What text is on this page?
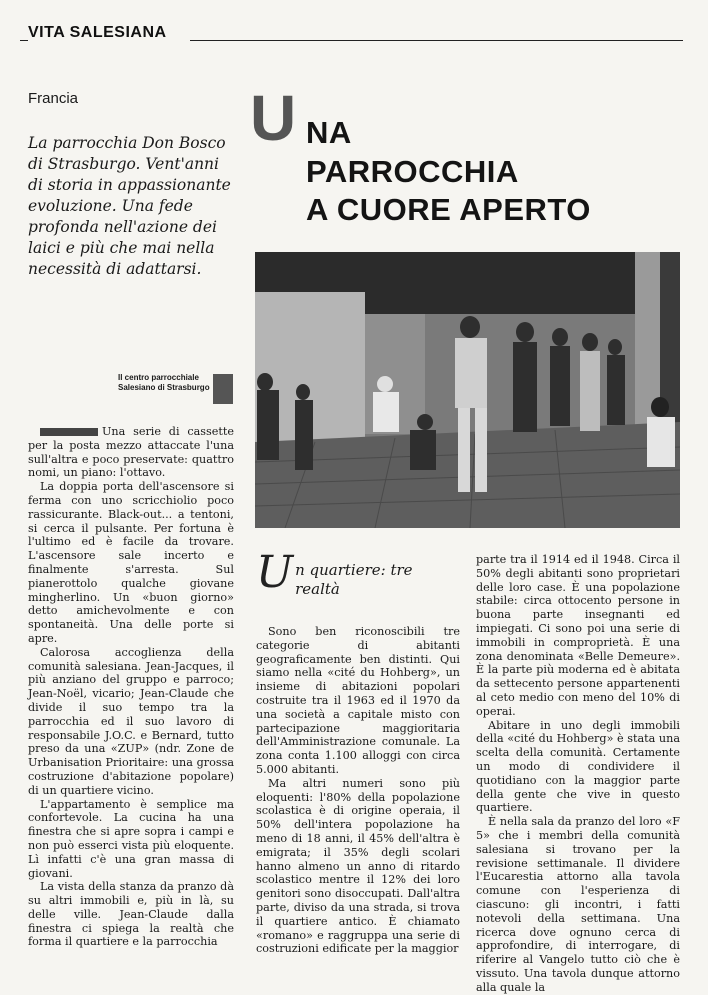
VITA SALESIANA
Francia
La parrocchia Don Bosco di Strasburgo. Vent'anni di storia in appassionante evoluzione. Una fede profonda nell'azione dei laici e più che mai nella necessità di adattarsi.
U NA
PARROCCHIA
A CUORE APERTO
Il centro parrocchiale Salesiano di Strasburgo

Una serie di cassette per la posta mezzo attaccate l'una sull'altra e poco preservate: quattro nomi, un piano: l'ottavo.

La doppia porta dell'ascensore si ferma con uno scricchiolio poco rassicurante. Black-out... a tentoni, si cerca il pulsante. Per fortuna è l'ultimo ed è facile da trovare. L'ascensore sale incerto e finalmente s'arresta. Sul pianerottolo qualche giovane mingherlino. Un «buon giorno» detto amichevolmente e con spontaneità. Una delle porte si apre.

Calorosa accoglienza della comunità salesiana. Jean-Jacques, il più anziano del gruppo e parroco; Jean-Noël, vicario; Jean-Claude che divide il suo tempo tra la parrocchia ed il suo lavoro di responsabile J.O.C. e Bernard, tutto preso da una «ZUP» (ndr. Zone de Urbanisation Prioritaire: una grossa costruzione d'abitazione popolare) di un quartiere vicino.

L'appartamento è semplice ma confortevole. La cucina ha una finestra che si apre sopra i campi e non può esserci vista più eloquente. Lì infatti c'è una gran massa di giovani.

La vista della stanza da pranzo dà su altri immobili e, più in là, su delle ville. Jean-Claude dalla finestra ci spiega la realtà che forma il quartiere e la parrocchia

U n quartiere: tre realtà

Sono ben riconoscibili tre categorie di abitanti geograficamente ben distinti. Qui siamo nella «cité du Hohberg», un insieme di abitazioni popolari costruite tra il 1963 ed il 1970 da una società a capitale misto con partecipazione maggioritaria dell'Amministrazione comunale. La zona conta 1.100 alloggi con circa 5.000 abitanti.

Ma altri numeri sono più eloquenti: l'80% della popolazione scolastica è di origine operaia, il 50% dell'intera popolazione ha meno di 18 anni, il 45% dell'altra è emigrata; il 35% degli scolari hanno almeno un anno di ritardo scolastico mentre il 12% dei loro genitori sono disoccupati. Dall'altra parte, diviso da una strada, si trova il quartiere antico. È chiamato «romano» e raggruppa una serie di costruzioni edificate per la maggior

parte tra il 1914 ed il 1948. Circa il 50% degli abitanti sono proprietari delle loro case. È una popolazione stabile: circa ottocento persone in buona parte insegnanti ed impiegati. Ci sono poi una serie di immobili in comproprietà. È una zona denominata «Belle Demeure». È la parte più moderna ed è abitata da settecento persone appartenenti al ceto medio con meno del 10% di operai.

Abitare in uno degli immobili della «cité du Hohberg» è stata una scelta della comunità. Certamente un modo di condividere il quotidiano con la maggior parte della gente che vive in questo quartiere.

È nella sala da pranzo del loro «F 5» che i membri della comunità salesiana si trovano per la revisione settimanale. Il dividere l'Eucarestia attorno alla tavola comune con l'esperienza di ciascuno: gli incontri, i fatti notevoli della settimana. Una ricerca dove ognuno cerca di approfondire, di interrogare, di riferire al Vangelo tutto ciò che è vissuto. Una tavola dunque attorno alla quale la
